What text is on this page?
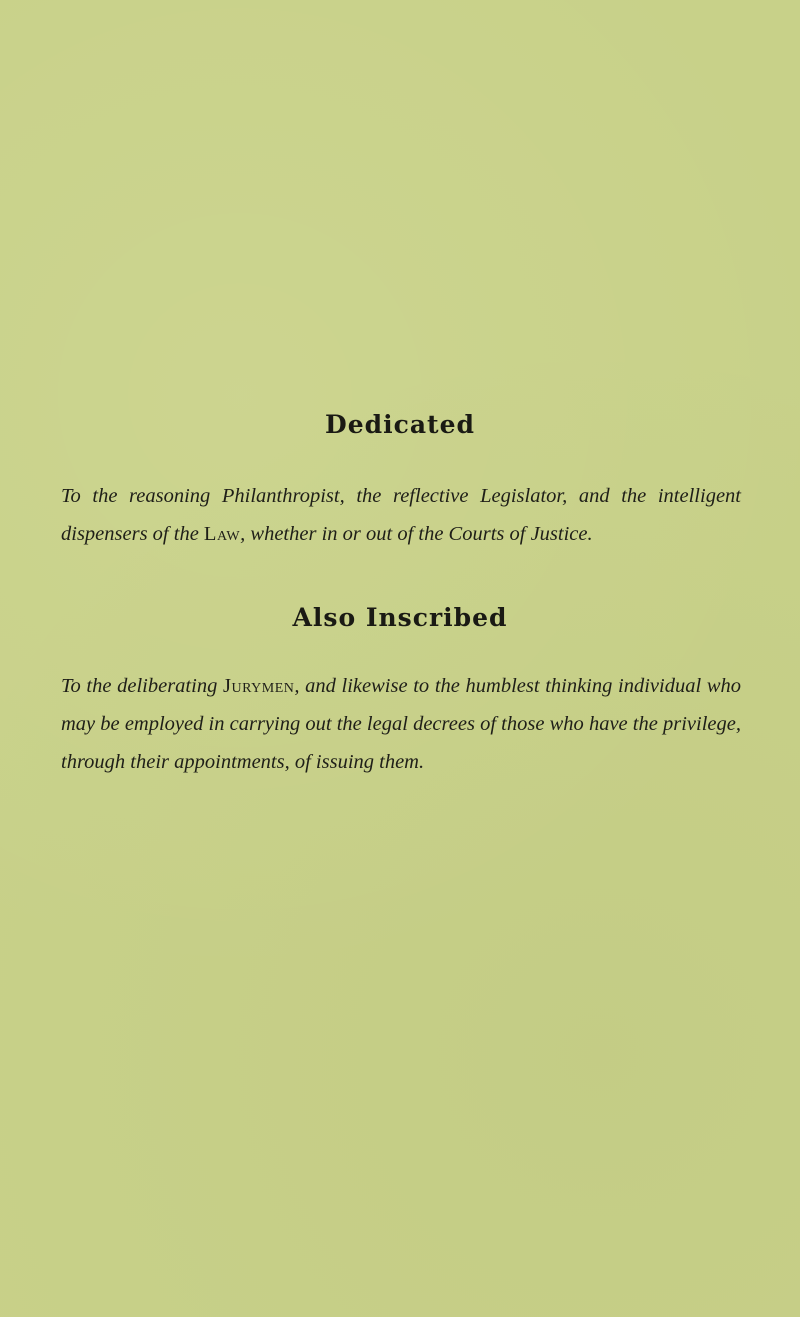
Dedicated
To the reasoning Philanthropist, the reflective Legislator, and the intelligent dispensers of the Law, whether in or out of the Courts of Justice.
Also Inscribed
To the deliberating Jurymen, and likewise to the humblest thinking individual who may be employed in carrying out the legal decrees of those who have the privilege, through their appointments, of issuing them.
